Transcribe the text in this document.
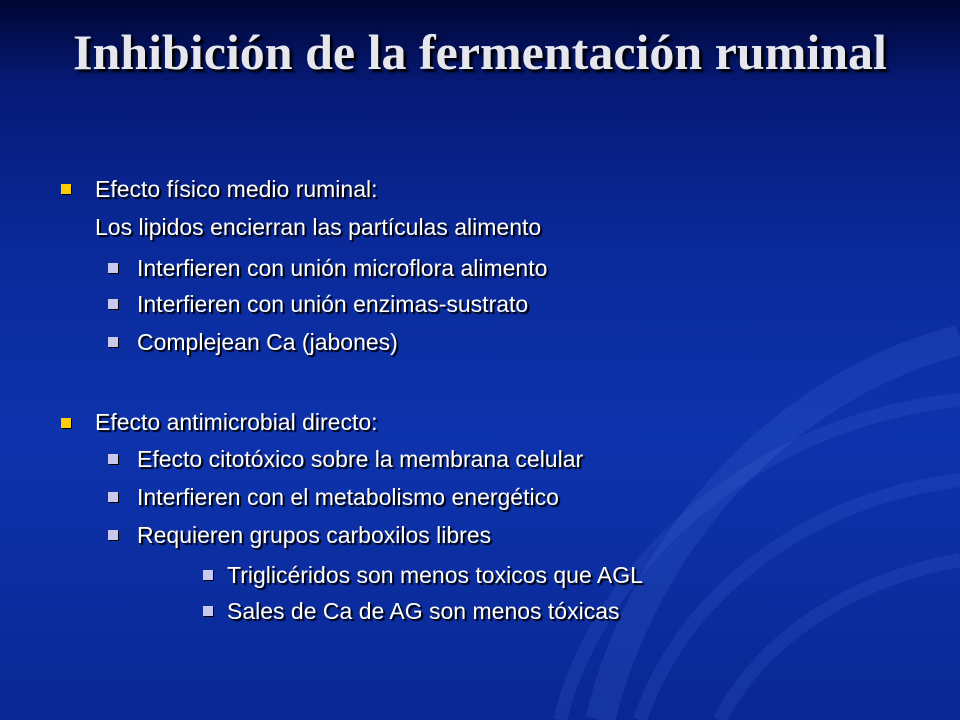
Inhibición de la fermentación ruminal
Efecto físico medio ruminal:
Los lipidos encierran las partículas alimento
Interfieren con unión microflora alimento
Interfieren con unión enzimas-sustrato
Complejean Ca (jabones)
Efecto antimicrobial directo:
Efecto citotóxico sobre la membrana celular
Interfieren con el metabolismo energético
Requieren grupos carboxilos libres
Triglicéridos son menos toxicos que AGL
Sales de Ca de AG son menos tóxicas
